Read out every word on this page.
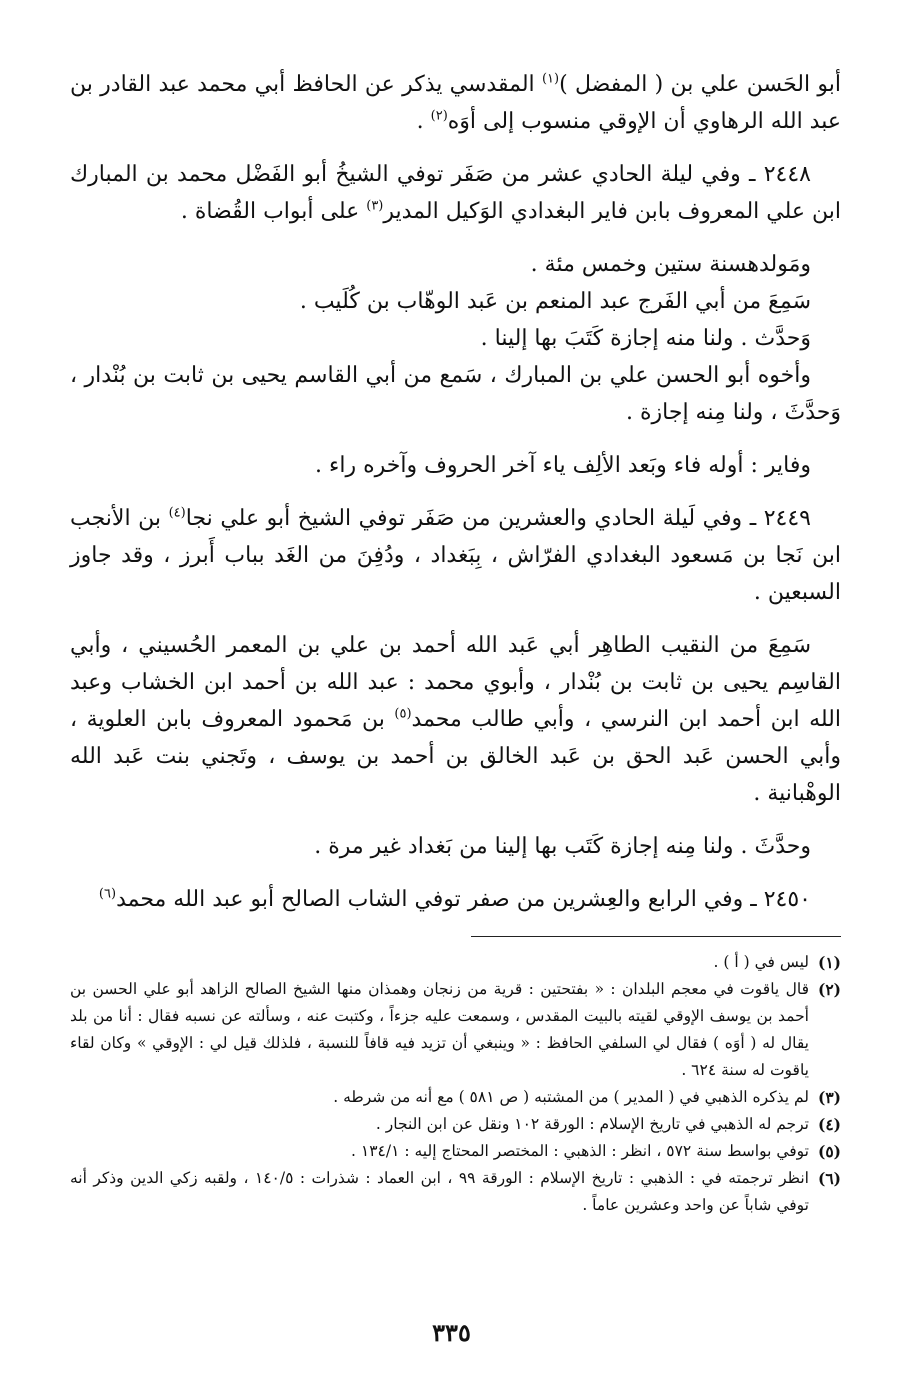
أبو الحَسن علي بن ( المفضل )$^{(١)}$ المقدسي يذكر عن الحافظ أبي محمد عبد القادر بن عبد الله الرهاوي أن الإوقي منسوب إلى أوَه$^{(٢)}$ .

٢٤٤٨ ـ وفي ليلة الحادي عشر من صَفَر توفي الشيخُ أبو الفَضْل محمد بن المبارك ابن علي المعروف بابن فاير البغدادي الوَكيل المدير$^{(٣)}$ على أبواب القُضاة .

ومَولدهسنة ستين وخمس مئة .

سَمِعَ من أبي الفَرج عبد المنعم بن عَبد الوهّاب بن كُلَيب .

وَحدَّث . ولنا منه إجازة كَتَبَ بها إلينا .

وأخوه أبو الحسن علي بن المبارك ، سَمع من أبي القاسم يحيى بن ثابت بن بُنْدار ، وَحدَّثَ ، ولنا مِنه إجازة .

وفاير : أوله فاء وبَعد الألِف ياء آخر الحروف وآخره راء .

٢٤٤٩ ـ وفي لَيلة الحادي والعشرين من صَفَر توفي الشيخ أبو علي نجا$^{(٤)}$ بن الأنجب ابن نَجا بن مَسعود البغدادي الفرّاش ، بِبَغداد ، ودُفِنَ من الغَد بباب أَبرز ، وقد جاوز السبعين .

سَمِعَ من النقيب الطاهِر أبي عَبد الله أحمد بن علي بن المعمر الحُسيني ، وأبي القاسِم يحيى بن ثابت بن بُنْدار ، وأبوي محمد : عبد الله بن أحمد ابن الخشاب وعبد الله ابن أحمد ابن النرسي ، وأبي طالب محمد$^{(٥)}$ بن مَحمود المعروف بابن العلوية ، وأبي الحسن عَبد الحق بن عَبد الخالق بن أحمد بن يوسف ، وتَجني بنت عَبد الله الوهْبانية .

وحدَّثَ . ولنا مِنه إجازة كَتَب بها إلينا من بَغداد غير مرة .

٢٤٥٠ ـ وفي الرابع والعِشرين من صفر توفي الشاب الصالح أبو عبد الله محمد$^{(٦)}$

(١)
ليس في ( أ ) .
(٢)
قال ياقوت في معجم البلدان : « بفتحتين : قرية من زنجان وهمذان منها الشيخ الصالح الزاهد أبو علي الحسن بن أحمد بن يوسف الإوقي لقيته بالبيت المقدس ، وسمعت عليه جزءاً ، وكتبت عنه ، وسألته عن نسبه فقال : أنا من بلد يقال له ( أوَه ) فقال لي السلفي الحافظ : « وينبغي أن تزيد فيه قافاً للنسبة ، فلذلك قيل لي : الإوقي » وكان لقاء ياقوت له سنة ٦٢٤ .
(٣)
لم يذكره الذهبي في ( المدير ) من المشتبه ( ص ٥٨١ ) مع أنه من شرطه .
(٤)
ترجم له الذهبي في تاريخ الإسلام : الورقة ١٠٢ ونقل عن ابن النجار .
(٥)
توفي بواسط سنة ٥٧٢ ، انظر : الذهبي : المختصر المحتاج إليه : ١٣٤/١ .
(٦)
انظر ترجمته في : الذهبي : تاريخ الإسلام : الورقة ٩٩ ، ابن العماد : شذرات : ١٤٠/٥ ، ولقبه زكي الدين وذكر أنه توفي شاباً عن واحد وعشرين عاماً .
٣٣٥
